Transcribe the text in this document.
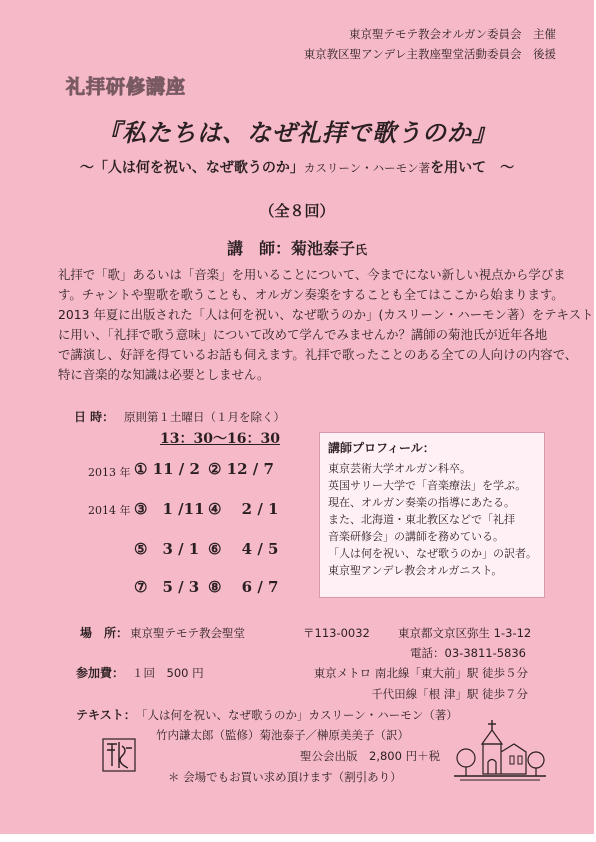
東京聖テモテ教会オルガン委員会　主催
東京教区聖アンデレ主教座聖堂活動委員会　後援
礼拝研修講座
『私たちは、なぜ礼拝で歌うのか』
〜「人は何を祝い、なぜ歌うのか」カスリーン・ハーモン著を用いて　〜
（全８回）
講　師：菊池泰子氏
礼拝で「歌」あるいは「音楽」を用いることについて、今までにない新しい視点から学びま
す。チャントや聖歌を歌うことも、オルガン奏楽をすることも全てはここから始まります。
2013 年夏に出版された「人は何を祝い、なぜ歌うのか」(カスリーン・ハーモン著）をテキスト
に用い、「礼拝で歌う意味」について改めて学んでみませんか？講師の菊池氏が近年各地
で講演し、好評を得ているお話も伺えます。礼拝で歌ったことのある全ての人向けの内容で、
特に音楽的な知識は必要としません。
日 時： 原則第１土曜日（１月を除く）
13：30〜16：30
2013 年 ① 11 / 2 ② 12 / 7
2014 年 ③　1 /11 ④　 2 / 1
⑤　3 / 1 ⑥　 4 / 5
⑦　5 / 3 ⑧　 6 / 7
講師プロフィール：
東京芸術大学オルガン科卒。
英国サリー大学で「音楽療法」を学ぶ。
現在、オルガン奏楽の指導にあたる。
また、北海道・東北教区などで「礼拝
音楽研修会」の講師を務めている。
「人は何を祝い、なぜ歌うのか」の訳者。
東京聖アンデレ教会オルガニスト。
場　所： 東京聖テモテ教会聖堂	〒113-0032 東京都文京区弥生 1-3-12
電話：03-3811-5836
参加費： １回　500 円	東京メトロ 南北線「東大前」駅 徒歩５分
千代田線「根 津」駅 徒歩７分
テキスト： 「人は何を祝い、なぜ歌うのか」カスリーン・ハーモン（著）
竹内謙太郎（監修）菊池泰子／榊原美美子（訳）
聖公会出版　2,800 円＋税
＊ 会場でもお買い求め頂けます（割引あり）
